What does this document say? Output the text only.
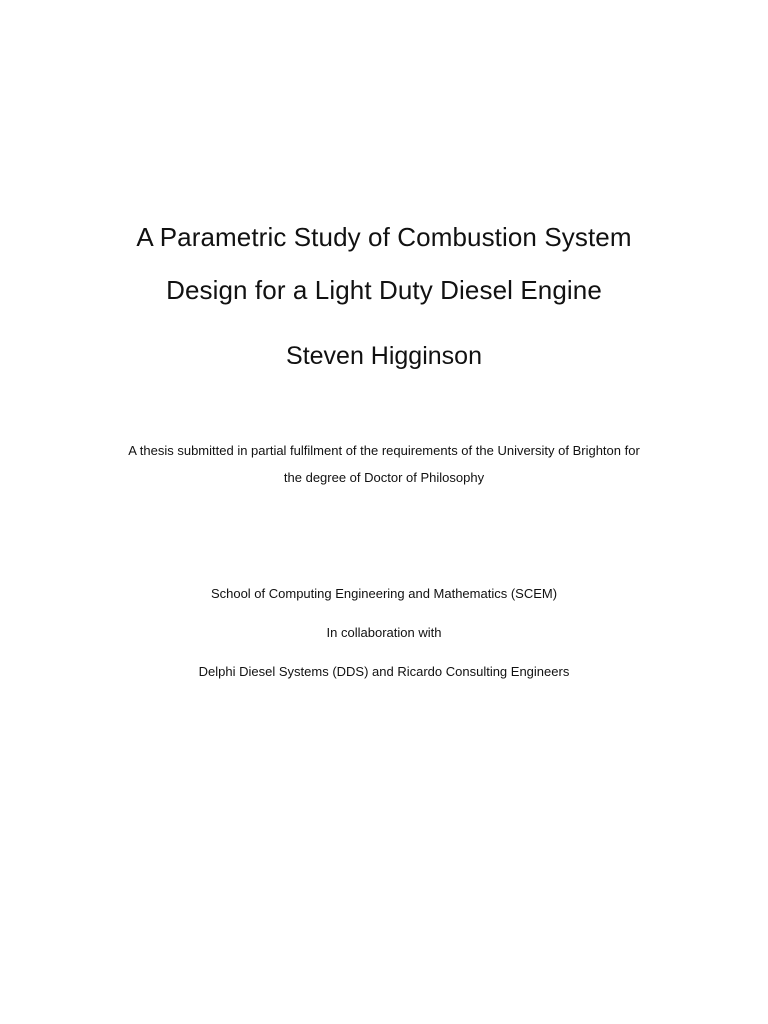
A Parametric Study of Combustion System
Design for a Light Duty Diesel Engine
Steven Higginson
A thesis submitted in partial fulfilment of the requirements of the University of Brighton for
the degree of Doctor of Philosophy
School of Computing Engineering and Mathematics (SCEM)
In collaboration with
Delphi Diesel Systems (DDS) and Ricardo Consulting Engineers
